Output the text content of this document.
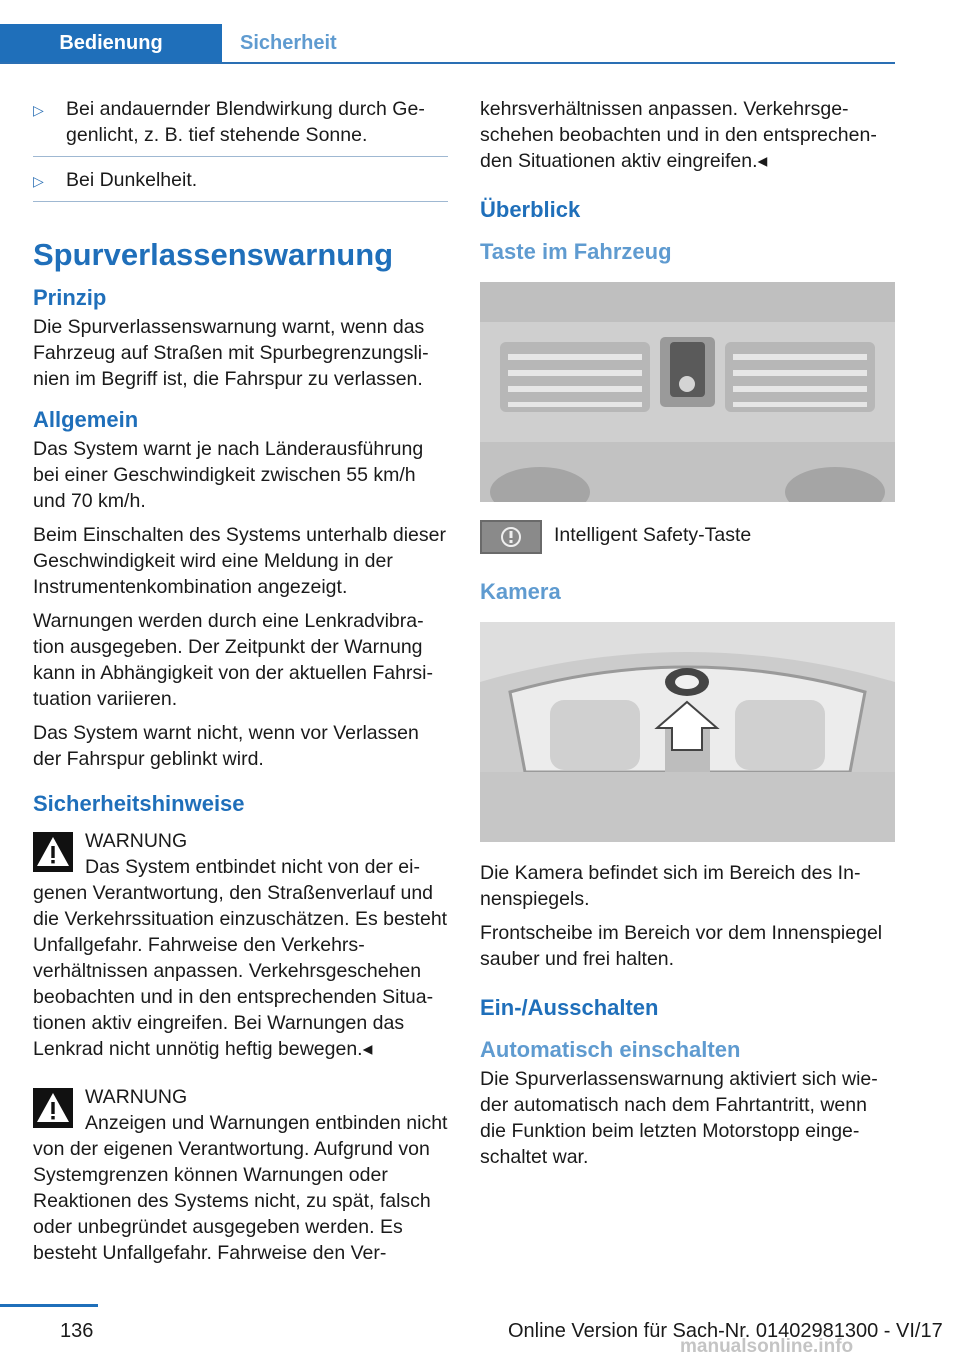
Bedienung	Sicherheit
▷ Bei andauernder Blendwirkung durch Gegenlicht, z. B. tief stehende Sonne.
▷ Bei Dunkelheit.
Spurverlassenswarnung
Prinzip

Die Spurverlassenswarnung warnt, wenn das Fahrzeug auf Straßen mit Spurbegrenzungslinien im Begriff ist, die Fahrspur zu verlassen.

Allgemein

Das System warnt je nach Länderausführung bei einer Geschwindigkeit zwischen 55 km/h und 70 km/h.

Beim Einschalten des Systems unterhalb dieser Geschwindigkeit wird eine Meldung in der Instrumentenkombination angezeigt.

Warnungen werden durch eine Lenkradvibration ausgegeben. Der Zeitpunkt der Warnung kann in Abhängigkeit von der aktuellen Fahrsituation variieren.

Das System warnt nicht, wenn vor Verlassen der Fahrspur geblinkt wird.

Sicherheitshinweise
WARNUNG

Das System entbindet nicht von der eigenen Verantwortung, den Straßenverlauf und die Verkehrssituation einzuschätzen. Es besteht Unfallgefahr. Fahrweise den Verkehrsverhältnissen anpassen. Verkehrsgeschehen beobachten und in den entsprechenden Situationen aktiv eingreifen. Bei Warnungen das Lenkrad nicht unnötig heftig bewegen.◂

WARNUNG

Anzeigen und Warnungen entbinden nicht von der eigenen Verantwortung. Aufgrund von Systemgrenzen können Warnungen oder Reaktionen des Systems nicht, zu spät, falsch oder unbegründet ausgegeben werden. Es besteht Unfallgefahr. Fahrweise den Ver-

kehrsverhältnissen anpassen. Verkehrsgeschehen beobachten und in den entsprechenden Situationen aktiv eingreifen.◂

Überblick
Taste im Fahrzeug
Intelligent Safety-Taste
Kamera

Die Kamera befindet sich im Bereich des Innenspiegels.

Frontscheibe im Bereich vor dem Innenspiegel sauber und frei halten.

Ein-/Ausschalten
Automatisch einschalten

Die Spurverlassenswarnung aktiviert sich wieder automatisch nach dem Fahrtantritt, wenn die Funktion beim letzten Motorstopp eingeschaltet war.

136	Online Version für Sach-Nr. 01402981300 - VI/17
manualsonline.info
